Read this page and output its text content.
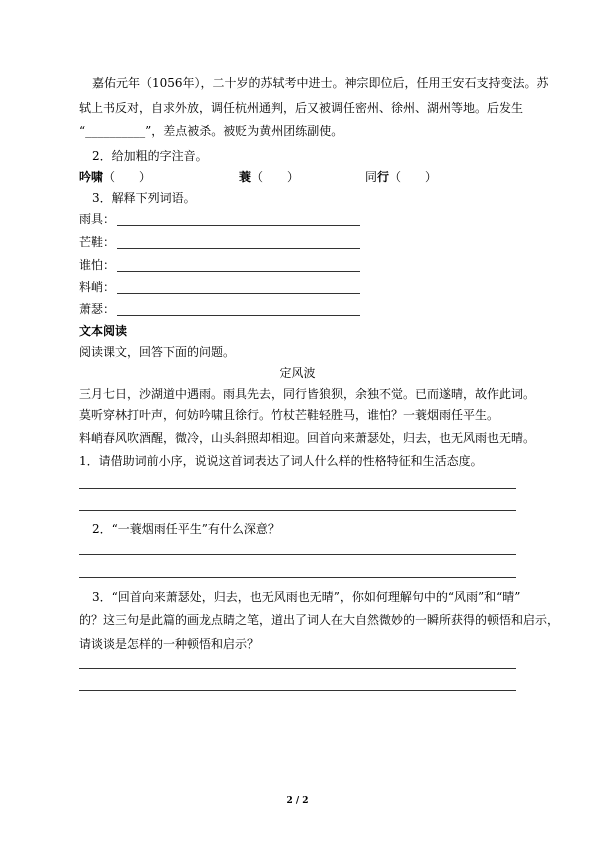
嘉佑元年（1056年），二十岁的苏轼考中进士。神宗即位后，任用王安石支持变法。苏
轼上书反对，自求外放，调任杭州通判，后又被调任密州、徐州、湖州等地。后发生
“__________”，差点被杀。被贬为黄州团练副使。
2．给加粗的字注音。
吟啸（　　）	蓑（　　）	同行（　　）
3．解释下列词语。
雨具：
芒鞋：
谁怕：
料峭：
萧瑟：
文本阅读
阅读课文，回答下面的问题。
定风波
三月七日，沙湖道中遇雨。雨具先去，同行皆狼狈，余独不觉。已而遂晴，故作此词。
莫听穿林打叶声，何妨吟啸且徐行。竹杖芒鞋轻胜马，谁怕？一蓑烟雨任平生。
料峭春风吹酒醒，微冷，山头斜照却相迎。回首向来萧瑟处，归去，也无风雨也无晴。
1．请借助词前小序，说说这首词表达了词人什么样的性格特征和生活态度。
2．“一蓑烟雨任平生”有什么深意？
3．“回首向来萧瑟处，归去，也无风雨也无晴”，你如何理解句中的“风雨”和“晴”
的？这三句是此篇的画龙点睛之笔，道出了词人在大自然微妙的一瞬所获得的顿悟和启示，
请谈谈是怎样的一种顿悟和启示？
2 / 2
